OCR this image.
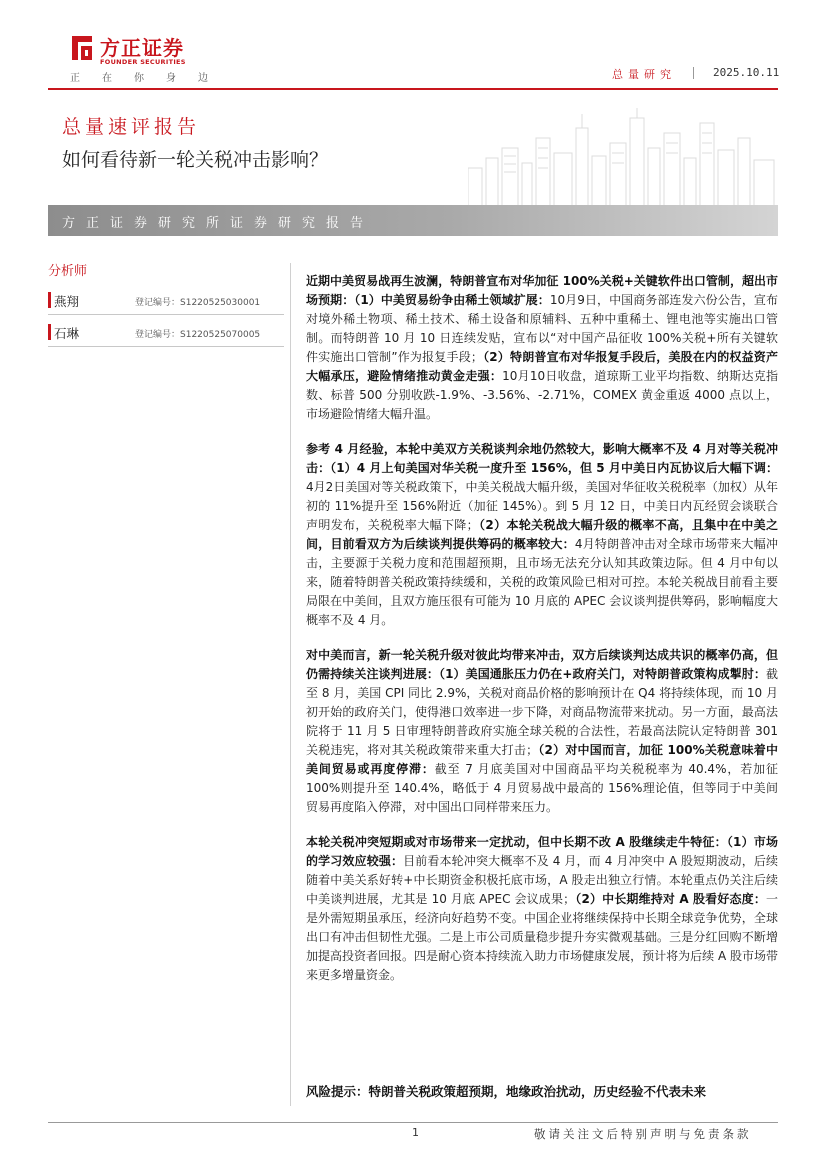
方正证券
FOUNDER SECURITIES
正在你身边	总量研究	2025.10.11
总量速评报告
如何看待新一轮关税冲击影响？
方正证券研究所证券研究报告
分析师
燕翔	登记编号：S1220525030001
石琳	登记编号：S1220525070005

近期中美贸易战再生波澜，特朗普宣布对华加征 100%关税+关键软件出口管制，超出市场预期：（1）中美贸易纷争由稀土领域扩展：10月9日，中国商务部连发六份公告，宣布对境外稀土物项、稀土技术、稀土设备和原辅料、五种中重稀土、锂电池等实施出口管制。而特朗普 10 月 10 日连续发贴，宣布以“对中国产品征收 100%关税+所有关键软件实施出口管制”作为报复手段；（2）特朗普宣布对华报复手段后，美股在内的权益资产大幅承压，避险情绪推动黄金走强：10月10日收盘，道琼斯工业平均指数、纳斯达克指数、标普 500 分别收跌-1.9%、-3.56%、-2.71%，COMEX 黄金重返 4000 点以上，市场避险情绪大幅升温。

参考 4 月经验，本轮中美双方关税谈判余地仍然较大，影响大概率不及 4 月对等关税冲击：（1）4 月上旬美国对华关税一度升至 156%，但 5 月中美日内瓦协议后大幅下调：4月2日美国对等关税政策下，中美关税战大幅升级，美国对华征收关税税率（加权）从年初的 11%提升至 156%附近（加征 145%）。到 5 月 12 日，中美日内瓦经贸会谈联合声明发布，关税税率大幅下降；（2）本轮关税战大幅升级的概率不高，且集中在中美之间，目前看双方为后续谈判提供筹码的概率较大：4月特朗普冲击对全球市场带来大幅冲击，主要源于关税力度和范围超预期，且市场无法充分认知其政策边际。但 4 月中旬以来，随着特朗普关税政策持续缓和，关税的政策风险已相对可控。本轮关税战目前看主要局限在中美间，且双方施压很有可能为 10 月底的 APEC 会议谈判提供筹码，影响幅度大概率不及 4 月。

对中美而言，新一轮关税升级对彼此均带来冲击，双方后续谈判达成共识的概率仍高，但仍需持续关注谈判进展：（1）美国通胀压力仍在+政府关门，对特朗普政策构成掣肘：截至 8 月，美国 CPI 同比 2.9%，关税对商品价格的影响预计在 Q4 将持续体现，而 10 月初开始的政府关门，使得港口效率进一步下降，对商品物流带来扰动。另一方面，最高法院将于 11 月 5 日审理特朗普政府实施全球关税的合法性，若最高法院认定特朗普 301 关税违宪，将对其关税政策带来重大打击；（2）对中国而言，加征 100%关税意味着中美间贸易或再度停滞：截至 7 月底美国对中国商品平均关税税率为 40.4%，若加征 100%则提升至 140.4%，略低于 4 月贸易战中最高的 156%理论值，但等同于中美间贸易再度陷入停滞，对中国出口同样带来压力。

本轮关税冲突短期或对市场带来一定扰动，但中长期不改 A 股继续走牛特征：（1）市场的学习效应较强：目前看本轮冲突大概率不及 4 月，而 4 月冲突中 A 股短期波动，后续随着中美关系好转+中长期资金积极托底市场，A 股走出独立行情。本轮重点仍关注后续中美谈判进展，尤其是 10 月底 APEC 会议成果；（2）中长期维持对 A 股看好态度：一是外需短期虽承压，经济向好趋势不变。中国企业将继续保持中长期全球竞争优势，全球出口有冲击但韧性尤强。二是上市公司质量稳步提升夯实微观基础。三是分红回购不断增加提高投资者回报。四是耐心资本持续流入助力市场健康发展，预计将为后续 A 股市场带来更多增量资金。

风险提示：特朗普关税政策超预期，地缘政治扰动，历史经验不代表未来
1	敬请关注文后特别声明与免责条款
